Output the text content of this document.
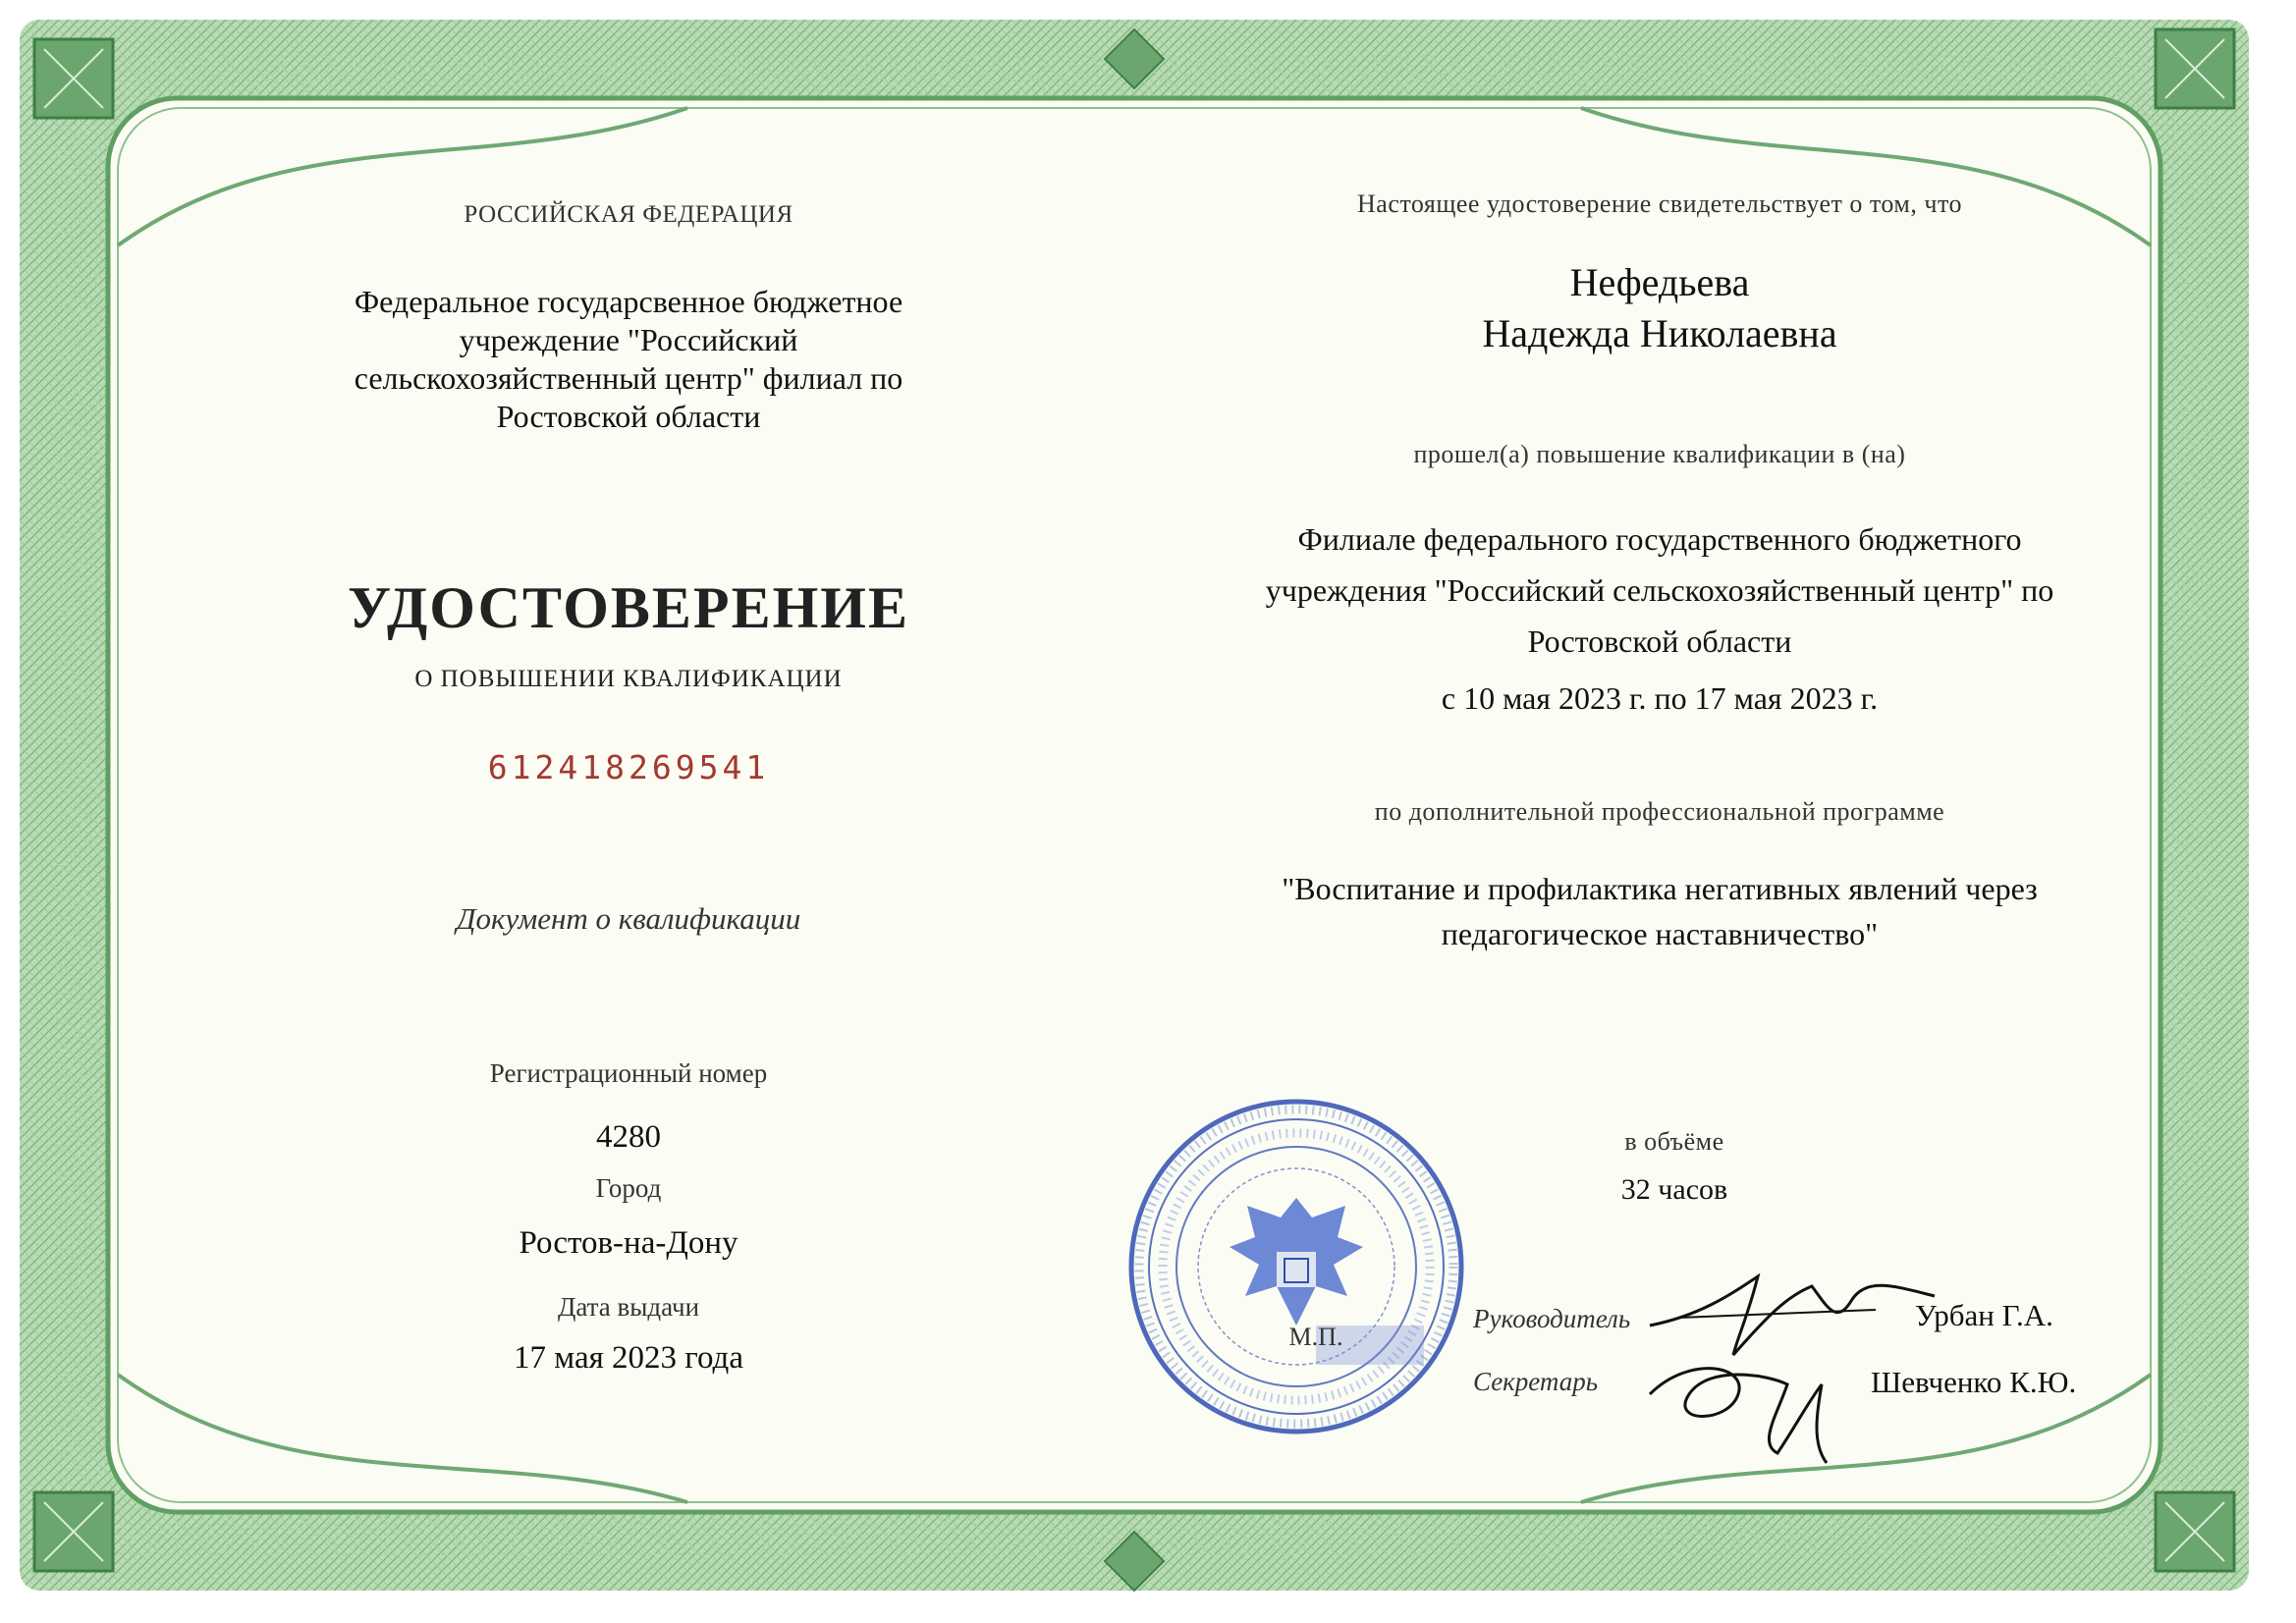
РОССИЙСКАЯ ФЕДЕРАЦИЯ
Федеральное государсвенное бюджетное
учреждение "Российский
сельскохозяйственный центр" филиал по
Ростовской области
УДОСТОВЕРЕНИЕ
О ПОВЫШЕНИИ КВАЛИФИКАЦИИ
612418269541
Документ о квалификации
Регистрационный номер
4280
Город
Ростов-на-Дону
Дата выдачи
17 мая 2023 года
Настоящее удостоверение свидетельствует о том, что
Нефедьева
Надежда Николаевна
прошел(а) повышение квалификации в (на)
Филиале федерального государственного бюджетного
учреждения "Российский сельскохозяйственный центр" по
Ростовской области
с 10 мая 2023 г. по 17 мая 2023 г.
по дополнительной профессиональной программе
"Воспитание и профилактика негативных явлений через
педагогическое наставничество"
в объёме
32 часов
М.П.
Руководитель	Урбан Г.А.
Секретарь	Шевченко К.Ю.
